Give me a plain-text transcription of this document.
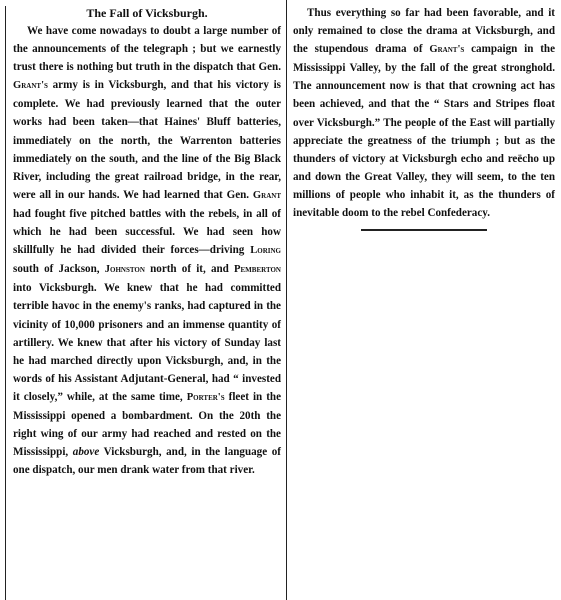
The Fall of Vicksburgh.

We have come nowadays to doubt a large number of the announcements of the telegraph ; but we earnestly trust there is nothing but truth in the dispatch that Gen. Grant's army is in Vicksburgh, and that his victory is complete. We had previously learned that the outer works had been taken—that Haines' Bluff batteries, immediately on the north, the Warrenton batteries immediately on the south, and the line of the Big Black River, including the great railroad bridge, in the rear, were all in our hands. We had learned that Gen. Grant had fought five pitched battles with the rebels, in all of which he had been successful. We had seen how skillfully he had divided their forces—driving Loring south of Jackson, Johnston north of it, and Pemberton into Vicksburgh. We knew that he had committed terrible havoc in the enemy's ranks, had captured in the vicinity of 10,000 prisoners and an immense quantity of artillery. We knew that after his victory of Sunday last he had marched directly upon Vicksburgh, and, in the words of his Assistant Adjutant-General, had “ invested it closely,” while, at the same time, Porter's fleet in the Mississippi opened a bombardment. On the 20th the right wing of our army had reached and rested on the Mississippi, above Vicksburgh, and, in the language of one dispatch, our men drank water from that river.

Thus everything so far had been favorable, and it only remained to close the drama at Vicksburgh, and the stupendous drama of Grant's campaign in the Mississippi Valley, by the fall of the great stronghold. The announcement now is that that crowning act has been achieved, and that the “ Stars and Stripes float over Vicksburgh.” The people of the East will partially appreciate the greatness of the triumph ; but as the thunders of victory at Vicksburgh echo and reëcho up and down the Great Valley, they will seem, to the ten millions of people who inhabit it, as the thunders of inevitable doom to the rebel Confederacy.
